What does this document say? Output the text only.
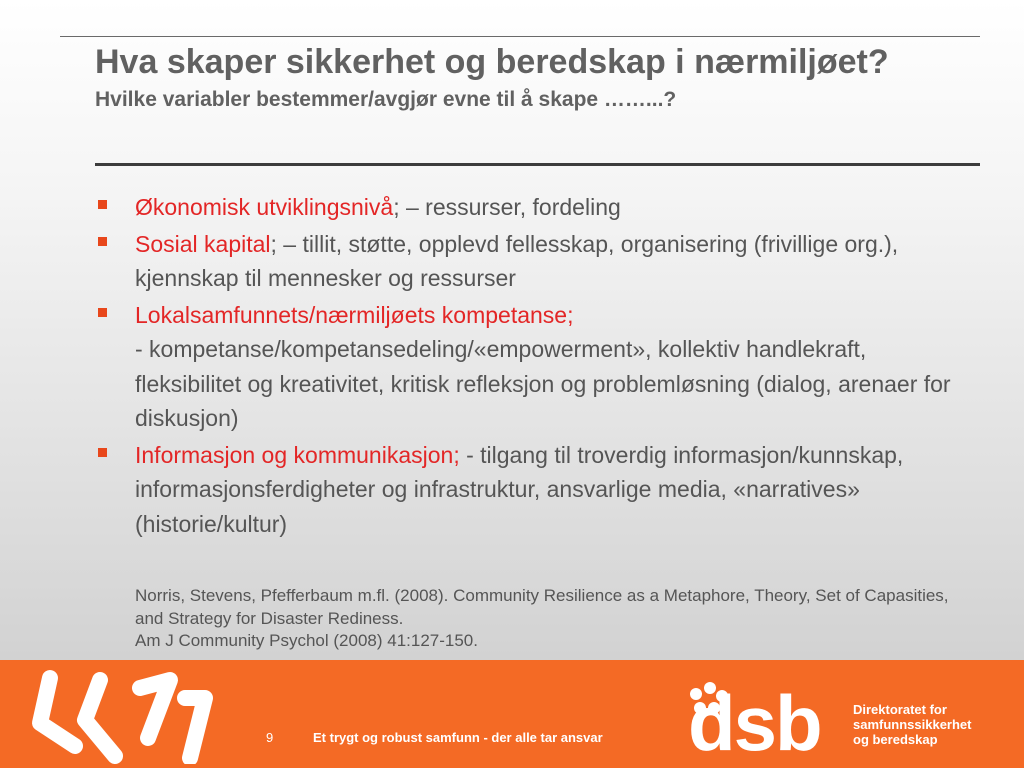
Hva skaper sikkerhet og beredskap i nærmiljøet?
Hvilke variabler bestemmer/avgjør evne til å skape ……...?
Økonomisk utviklingsnivå; – ressurser, fordeling
Sosial kapital; – tillit, støtte, opplevd fellesskap, organisering (frivillige org.), kjennskap til mennesker og ressurser
Lokalsamfunnets/nærmiljøets kompetanse;
- kompetanse/kompetansedeling/«empowerment», kollektiv handlekraft, fleksibilitet og kreativitet, kritisk refleksjon og problemløsning (dialog, arenaer for diskusjon)
Informasjon og kommunikasjon; - tilgang til troverdig informasjon/kunnskap, informasjonsferdigheter og infrastruktur, ansvarlige media, «narratives» (historie/kultur)
Norris, Stevens, Pfefferbaum m.fl. (2008). Community Resilience as a Metaphore, Theory, Set of Capasities, and Strategy for Disaster Rediness.
Am J Community Psychol (2008) 41:127-150.
9	Et trygt og robust samfunn - der alle tar ansvar dsb Direktoratet for
samfunnssikkerhet
og beredskap
